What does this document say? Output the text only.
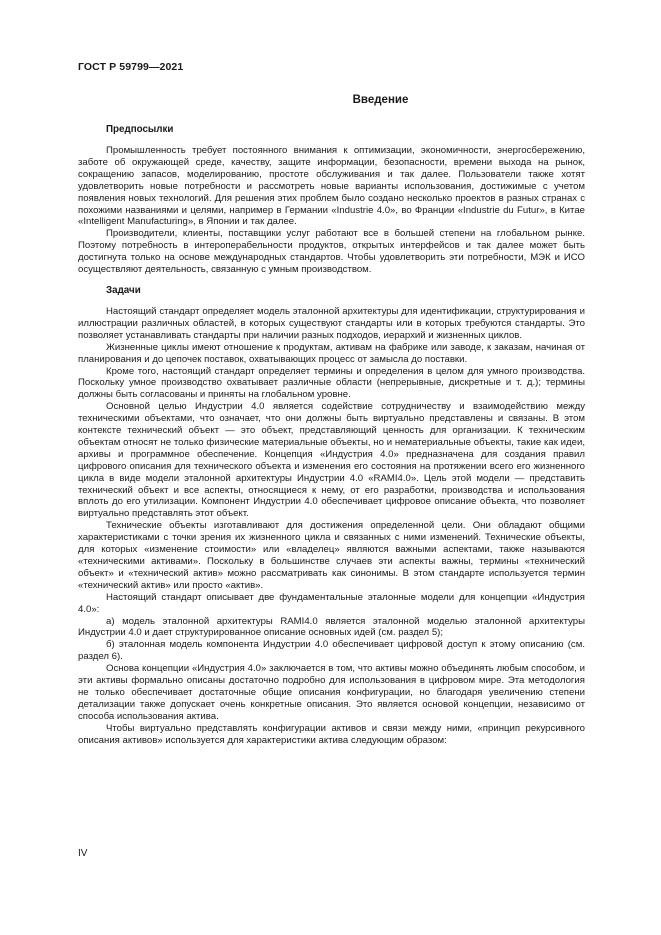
ГОСТ Р 59799—2021
Введение
Предпосылки

Промышленность требует постоянного внимания к оптимизации, экономичности, энергосбережению, заботе об окружающей среде, качеству, защите информации, безопасности, времени выхода на рынок, сокращению запасов, моделированию, простоте обслуживания и так далее. Пользователи также хотят удовлетворить новые потребности и рассмотреть новые варианты использования, достижимые с учетом появления новых технологий. Для решения этих проблем было создано несколько проектов в разных странах с похожими названиями и целями, например в Германии «Industrie 4.0», во Франции «Industrie du Futur», в Китае «Intelligent Manufacturing», в Японии и так далее.

Производители, клиенты, поставщики услуг работают все в большей степени на глобальном рынке. Поэтому потребность в интероперабельности продуктов, открытых интерфейсов и так далее может быть достигнута только на основе международных стандартов. Чтобы удовлетворить эти потребности, МЭК и ИСО осуществляют деятельность, связанную с умным производством.

Задачи

Настоящий стандарт определяет модель эталонной архитектуры для идентификации, структурирования и иллюстрации различных областей, в которых существуют стандарты или в которых требуются стандарты. Это позволяет устанавливать стандарты при наличии разных подходов, иерархий и жизненных циклов.

Жизненные циклы имеют отношение к продуктам, активам на фабрике или заводе, к заказам, начиная от планирования и до цепочек поставок, охватывающих процесс от замысла до поставки.

Кроме того, настоящий стандарт определяет термины и определения в целом для умного производства. Поскольку умное производство охватывает различные области (непрерывные, дискретные и т. д.); термины должны быть согласованы и приняты на глобальном уровне.

Основной целью Индустрии 4.0 является содействие сотрудничеству и взаимодействию между техническими объектами, что означает, что они должны быть виртуально представлены и связаны. В этом контексте технический объект — это объект, представляющий ценность для организации. К техническим объектам относят не только физические материальные объекты, но и нематериальные объекты, такие как идеи, архивы и программное обеспечение. Концепция «Индустрия 4.0» предназначена для создания правил цифрового описания для технического объекта и изменения его состояния на протяжении всего его жизненного цикла в виде модели эталонной архитектуры Индустрии 4.0 «RAMI4.0». Цель этой модели — представить технический объект и все аспекты, относящиеся к нему, от его разработки, производства и использования вплоть до его утилизации. Компонент Индустрии 4.0 обеспечивает цифровое описание объекта, что позволяет виртуально представлять этот объект.

Технические объекты изготавливают для достижения определенной цели. Они обладают общими характеристиками с точки зрения их жизненного цикла и связанных с ними изменений. Технические объекты, для которых «изменение стоимости» или «владелец» являются важными аспектами, также называются «техническими активами». Поскольку в большинстве случаев эти аспекты важны, термины «технический объект» и «технический актив» можно рассматривать как синонимы. В этом стандарте используется термин «технический актив» или просто «актив».

Настоящий стандарт описывает две фундаментальные эталонные модели для концепции «Индустрия 4.0»:

а) модель эталонной архитектуры RAMI4.0 является эталонной моделью эталонной архитектуры Индустрии 4.0 и дает структурированное описание основных идей (см. раздел 5);

б) эталонная модель компонента Индустрии 4.0 обеспечивает цифровой доступ к этому описанию (см. раздел 6).

Основа концепции «Индустрия 4.0» заключается в том, что активы можно объединять любым способом, и эти активы формально описаны достаточно подробно для использования в цифровом мире. Эта методология не только обеспечивает достаточные общие описания конфигурации, но благодаря увеличению степени детализации также допускает очень конкретные описания. Это является основой концепции, независимо от способа использования актива.

Чтобы виртуально представлять конфигурации активов и связи между ними, «принцип рекурсивного описания активов» используется для характеристики актива следующим образом:

IV
